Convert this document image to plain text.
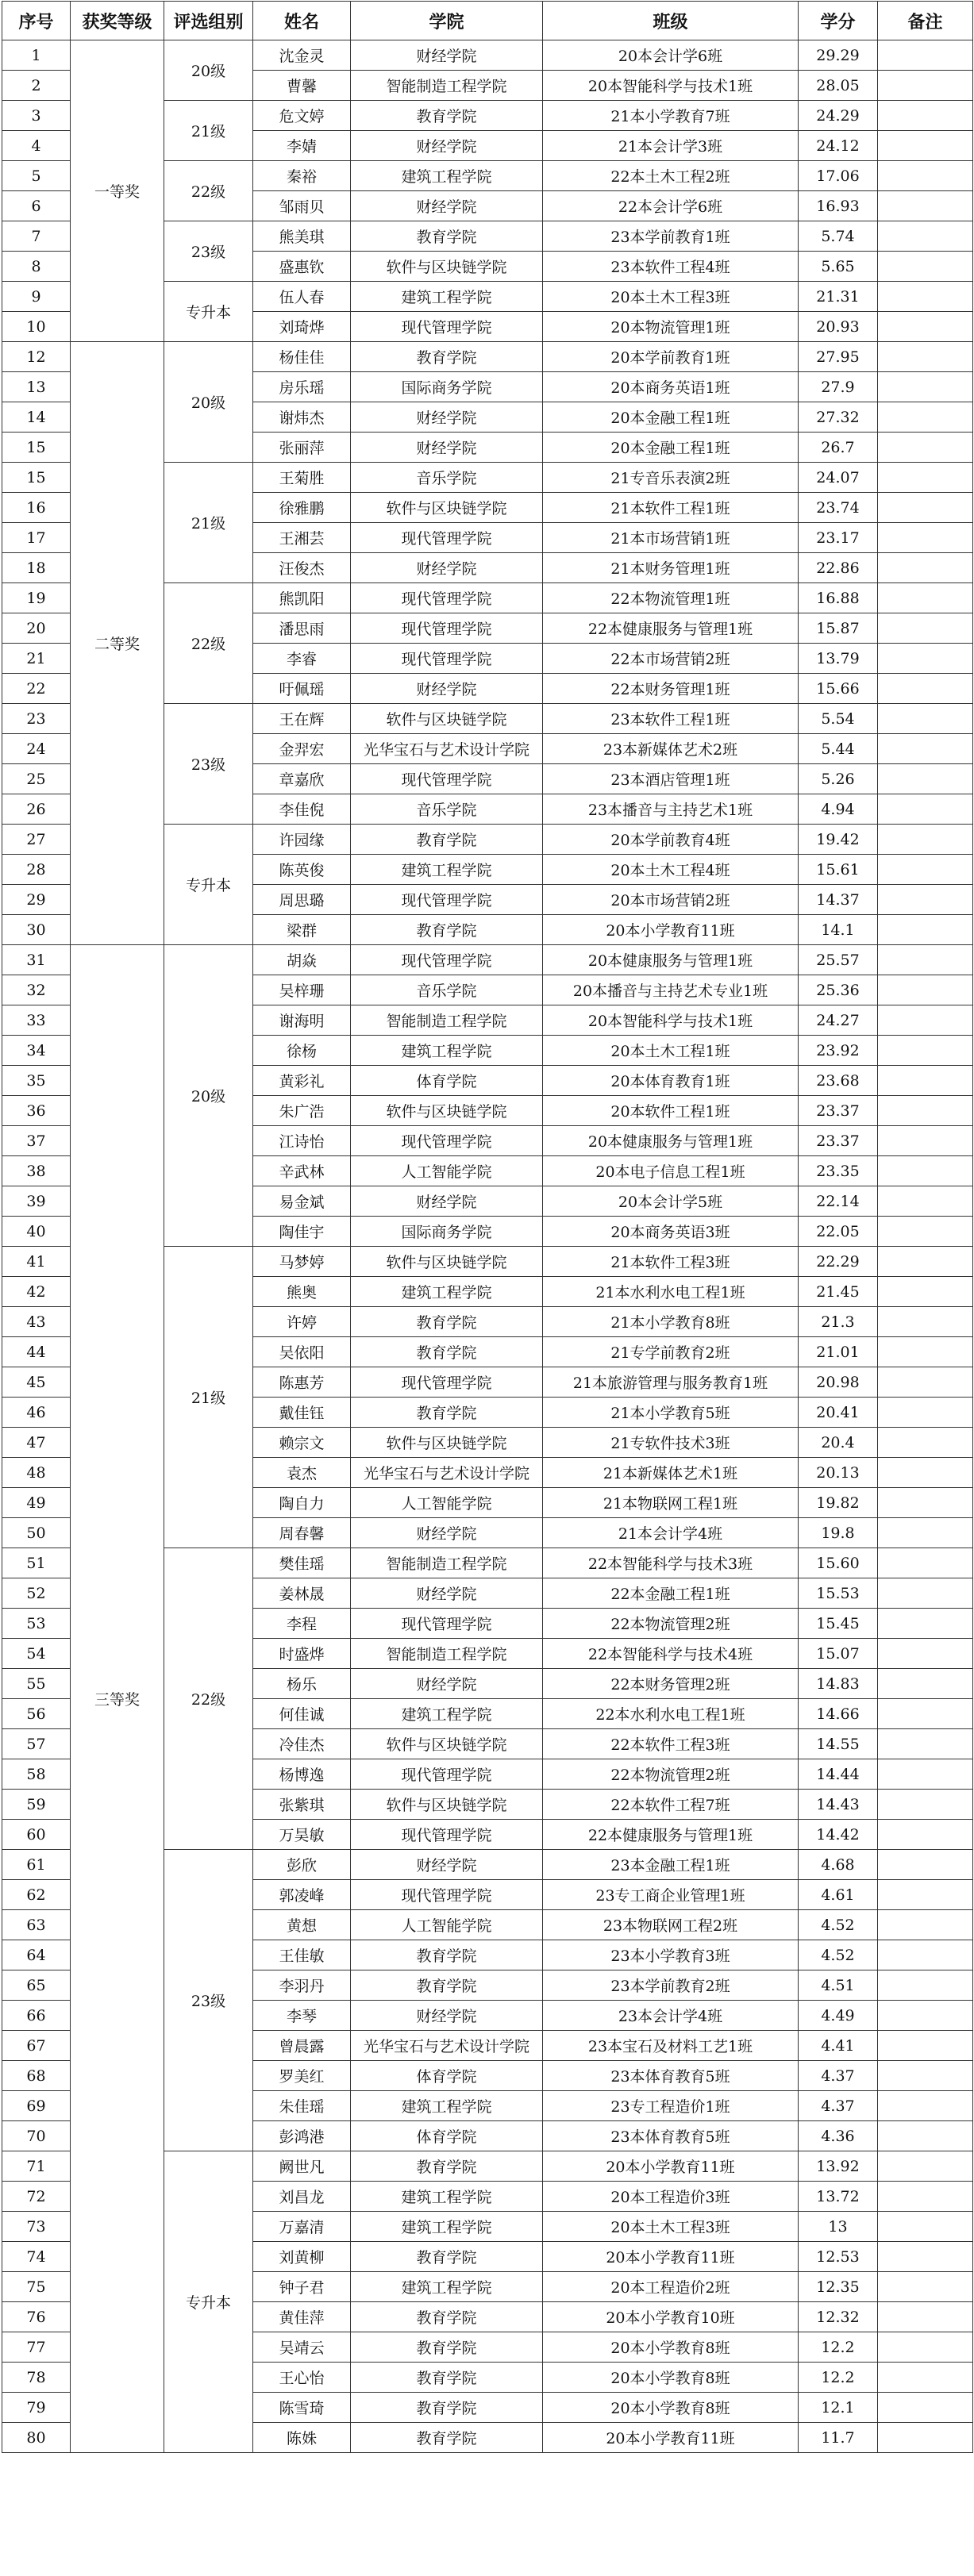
序号	获奖等级	评选组别	姓名	学院	班级	学分	备注
1	一等奖	20级	沈金灵	财经学院	20本会计学6班	29.29	
2			曹馨	智能制造工程学院	20本智能科学与技术1班	28.05	
3		21级	危文婷	教育学院	21本小学教育7班	24.29	
4			李婧	财经学院	21本会计学3班	24.12	
5		22级	秦裕	建筑工程学院	22本土木工程2班	17.06	
6			邹雨贝	财经学院	22本会计学6班	16.93	
7		23级	熊美琪	教育学院	23本学前教育1班	5.74	
8			盛惠钦	软件与区块链学院	23本软件工程4班	5.65	
9		专升本	伍人春	建筑工程学院	20本土木工程3班	21.31	
10			刘琦烨	现代管理学院	20本物流管理1班	20.93	
12	二等奖	20级	杨佳佳	教育学院	20本学前教育1班	27.95	
13			房乐瑶	国际商务学院	20本商务英语1班	27.9	
14			谢炜杰	财经学院	20本金融工程1班	27.32	
15			张丽萍	财经学院	20本金融工程1班	26.7	
15		21级	王菊胜	音乐学院	21专音乐表演2班	24.07	
16			徐雅鹏	软件与区块链学院	21本软件工程1班	23.74	
17			王湘芸	现代管理学院	21本市场营销1班	23.17	
18			汪俊杰	财经学院	21本财务管理1班	22.86	
19		22级	熊凯阳	现代管理学院	22本物流管理1班	16.88	
20			潘思雨	现代管理学院	22本健康服务与管理1班	15.87	
21			李睿	现代管理学院	22本市场营销2班	13.79	
22			吁佩瑶	财经学院	22本财务管理1班	15.66	
23		23级	王在辉	软件与区块链学院	23本软件工程1班	5.54	
24			金羿宏	光华宝石与艺术设计学院	23本新媒体艺术2班	5.44	
25			章嘉欣	现代管理学院	23本酒店管理1班	5.26	
26			李佳倪	音乐学院	23本播音与主持艺术1班	4.94	
27		专升本	许园缘	教育学院	20本学前教育4班	19.42	
28			陈英俊	建筑工程学院	20本土木工程4班	15.61	
29			周思璐	现代管理学院	20本市场营销2班	14.37	
30			梁群	教育学院	20本小学教育11班	14.1	
31	三等奖	20级	胡焱	现代管理学院	20本健康服务与管理1班	25.57	
32			吴梓珊	音乐学院	20本播音与主持艺术专业1班	25.36	
33			谢海明	智能制造工程学院	20本智能科学与技术1班	24.27	
34			徐杨	建筑工程学院	20本土木工程1班	23.92	
35			黄彩礼	体育学院	20本体育教育1班	23.68	
36			朱广浩	软件与区块链学院	20本软件工程1班	23.37	
37			江诗怡	现代管理学院	20本健康服务与管理1班	23.37	
38			辛武林	人工智能学院	20本电子信息工程1班	23.35	
39			易金斌	财经学院	20本会计学5班	22.14	
40			陶佳宇	国际商务学院	20本商务英语3班	22.05	
41		21级	马梦婷	软件与区块链学院	21本软件工程3班	22.29	
42			熊奥	建筑工程学院	21本水利水电工程1班	21.45	
43			许婷	教育学院	21本小学教育8班	21.3	
44			吴依阳	教育学院	21专学前教育2班	21.01	
45			陈惠芳	现代管理学院	21本旅游管理与服务教育1班	20.98	
46			戴佳钰	教育学院	21本小学教育5班	20.41	
47			赖宗文	软件与区块链学院	21专软件技术3班	20.4	
48			袁杰	光华宝石与艺术设计学院	21本新媒体艺术1班	20.13	
49			陶自力	人工智能学院	21本物联网工程1班	19.82	
50			周春馨	财经学院	21本会计学4班	19.8	
51		22级	樊佳瑶	智能制造工程学院	22本智能科学与技术3班	15.60	
52			姜林晟	财经学院	22本金融工程1班	15.53	
53			李程	现代管理学院	22本物流管理2班	15.45	
54			时盛烨	智能制造工程学院	22本智能科学与技术4班	15.07	
55			杨乐	财经学院	22本财务管理2班	14.83	
56			何佳诚	建筑工程学院	22本水利水电工程1班	14.66	
57			冷佳杰	软件与区块链学院	22本软件工程3班	14.55	
58			杨博逸	现代管理学院	22本物流管理2班	14.44	
59			张紫琪	软件与区块链学院	22本软件工程7班	14.43	
60			万昊敏	现代管理学院	22本健康服务与管理1班	14.42	
61		23级	彭欣	财经学院	23本金融工程1班	4.68	
62			郭凌峰	现代管理学院	23专工商企业管理1班	4.61	
63			黄想	人工智能学院	23本物联网工程2班	4.52	
64			王佳敏	教育学院	23本小学教育3班	4.52	
65			李羽丹	教育学院	23本学前教育2班	4.51	
66			李琴	财经学院	23本会计学4班	4.49	
67			曾晨露	光华宝石与艺术设计学院	23本宝石及材料工艺1班	4.41	
68			罗美红	体育学院	23本体育教育5班	4.37	
69			朱佳瑶	建筑工程学院	23专工程造价1班	4.37	
70			彭鸿港	体育学院	23本体育教育5班	4.36	
71		专升本	阙世凡	教育学院	20本小学教育11班	13.92	
72			刘昌龙	建筑工程学院	20本工程造价3班	13.72	
73			万嘉清	建筑工程学院	20本土木工程3班	13	
74			刘黄柳	教育学院	20本小学教育11班	12.53	
75			钟子君	建筑工程学院	20本工程造价2班	12.35	
76			黄佳萍	教育学院	20本小学教育10班	12.32	
77			吴靖云	教育学院	20本小学教育8班	12.2	
78			王心怡	教育学院	20本小学教育8班	12.2	
79			陈雪琦	教育学院	20本小学教育8班	12.1	
80			陈姝	教育学院	20本小学教育11班	11.7	
